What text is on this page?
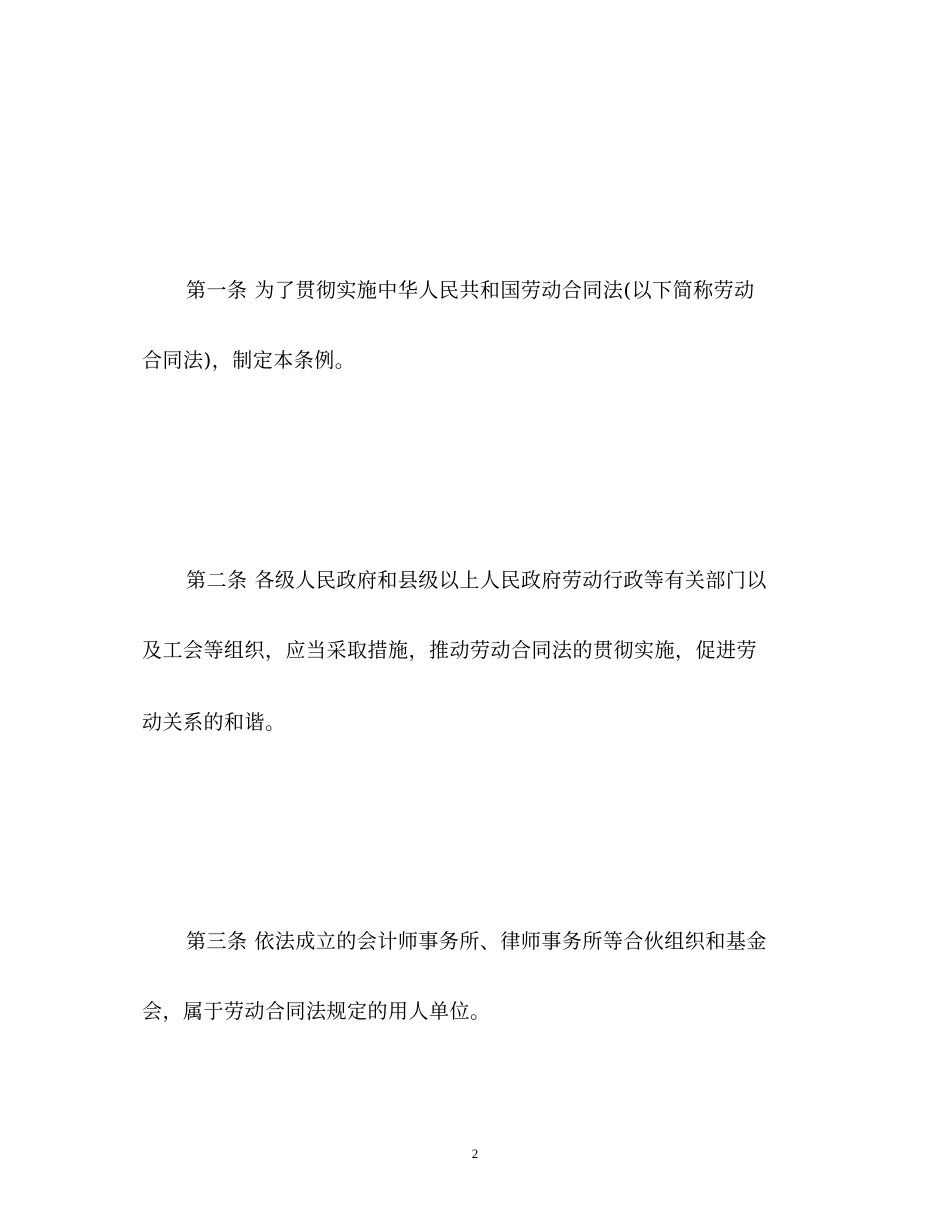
第一条 为了贯彻实施中华人民共和国劳动合同法(以下简称劳动
合同法)，制定本条例。
第二条 各级人民政府和县级以上人民政府劳动行政等有关部门以
及工会等组织，应当采取措施，推动劳动合同法的贯彻实施，促进劳
动关系的和谐。
第三条 依法成立的会计师事务所、律师事务所等合伙组织和基金
会，属于劳动合同法规定的用人单位。
2
